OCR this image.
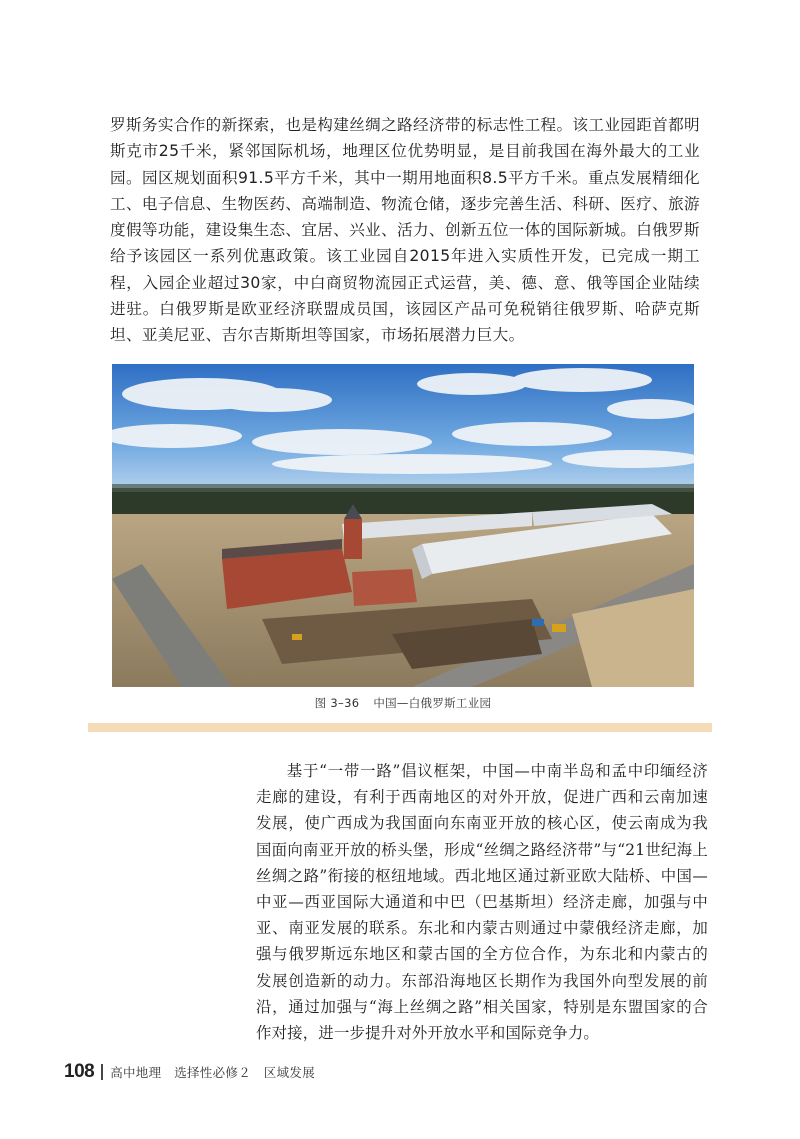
罗斯务实合作的新探索，也是构建丝绸之路经济带的标志性工程。该工业园距首都明斯克市25千米，紧邻国际机场，地理区位优势明显，是目前我国在海外最大的工业园。园区规划面积91.5平方千米，其中一期用地面积8.5平方千米。重点发展精细化工、电子信息、生物医药、高端制造、物流仓储，逐步完善生活、科研、医疗、旅游度假等功能，建设集生态、宜居、兴业、活力、创新五位一体的国际新城。白俄罗斯给予该园区一系列优惠政策。该工业园自2015年进入实质性开发，已完成一期工程，入园企业超过30家，中白商贸物流园正式运营，美、德、意、俄等国企业陆续进驻。白俄罗斯是欧亚经济联盟成员国，该园区产品可免税销往俄罗斯、哈萨克斯坦、亚美尼亚、吉尔吉斯斯坦等国家，市场拓展潜力巨大。

图 3–36 中国—白俄罗斯工业园

基于“一带一路”倡议框架，中国—中南半岛和孟中印缅经济走廊的建设，有利于西南地区的对外开放，促进广西和云南加速发展，使广西成为我国面向东南亚开放的核心区，使云南成为我国面向南亚开放的桥头堡，形成“丝绸之路经济带”与“21世纪海上丝绸之路”衔接的枢纽地域。西北地区通过新亚欧大陆桥、中国—中亚—西亚国际大通道和中巴（巴基斯坦）经济走廊，加强与中亚、南亚发展的联系。东北和内蒙古则通过中蒙俄经济走廊，加强与俄罗斯远东地区和蒙古国的全方位合作，为东北和内蒙古的发展创造新的动力。东部沿海地区长期作为我国外向型发展的前沿，通过加强与“海上丝绸之路”相关国家，特别是东盟国家的合作对接，进一步提升对外开放水平和国际竞争力。

108 高中地理　选择性必修２　区域发展
